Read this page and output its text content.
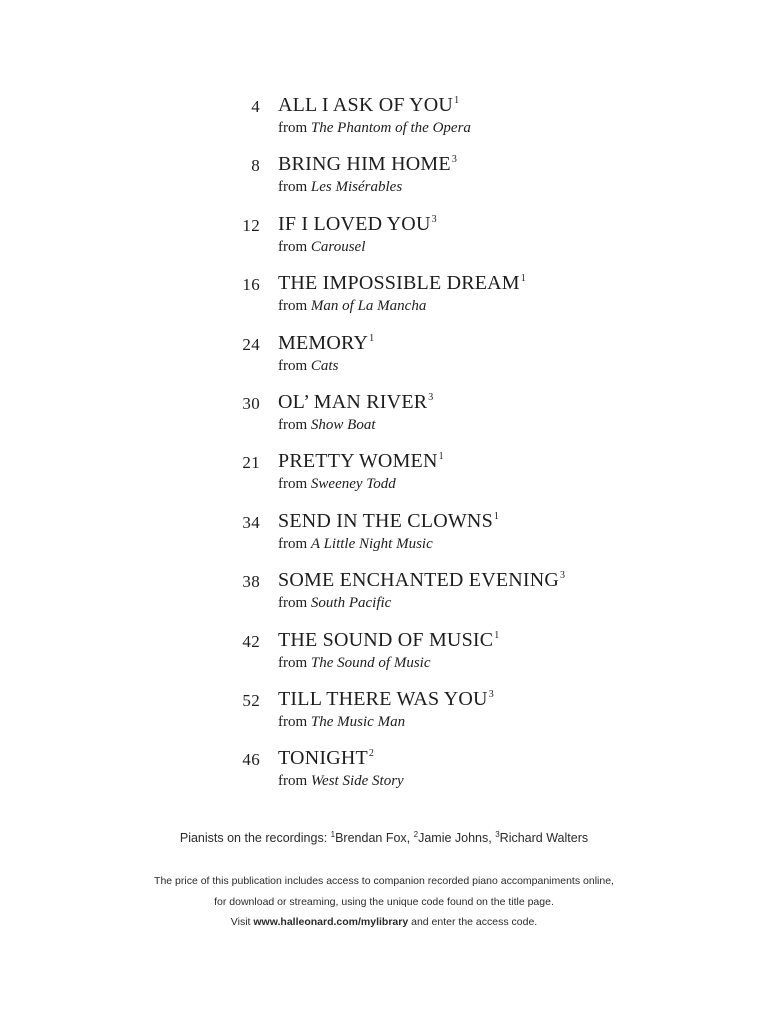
4 ALL I ASK OF YOU$^1$
from The Phantom of the Opera
8 BRING HIM HOME$^3$
from Les Misérables
12 IF I LOVED YOU$^3$
from Carousel
16 THE IMPOSSIBLE DREAM$^1$
from Man of La Mancha
24 MEMORY$^1$
from Cats
30 OL’ MAN RIVER$^3$
from Show Boat
21 PRETTY WOMEN$^1$
from Sweeney Todd
34 SEND IN THE CLOWNS$^1$
from A Little Night Music
38 SOME ENCHANTED EVENING$^3$
from South Pacific
42 THE SOUND OF MUSIC$^1$
from The Sound of Music
52 TILL THERE WAS YOU$^3$
from The Music Man
46 TONIGHT$^2$
from West Side Story
Pianists on the recordings: $^1$Brendan Fox, $^2$Jamie Johns, $^3$Richard Walters
The price of this publication includes access to companion recorded piano accompaniments online,
for download or streaming, using the unique code found on the title page.
Visit www.halleonard.com/mylibrary and enter the access code.
